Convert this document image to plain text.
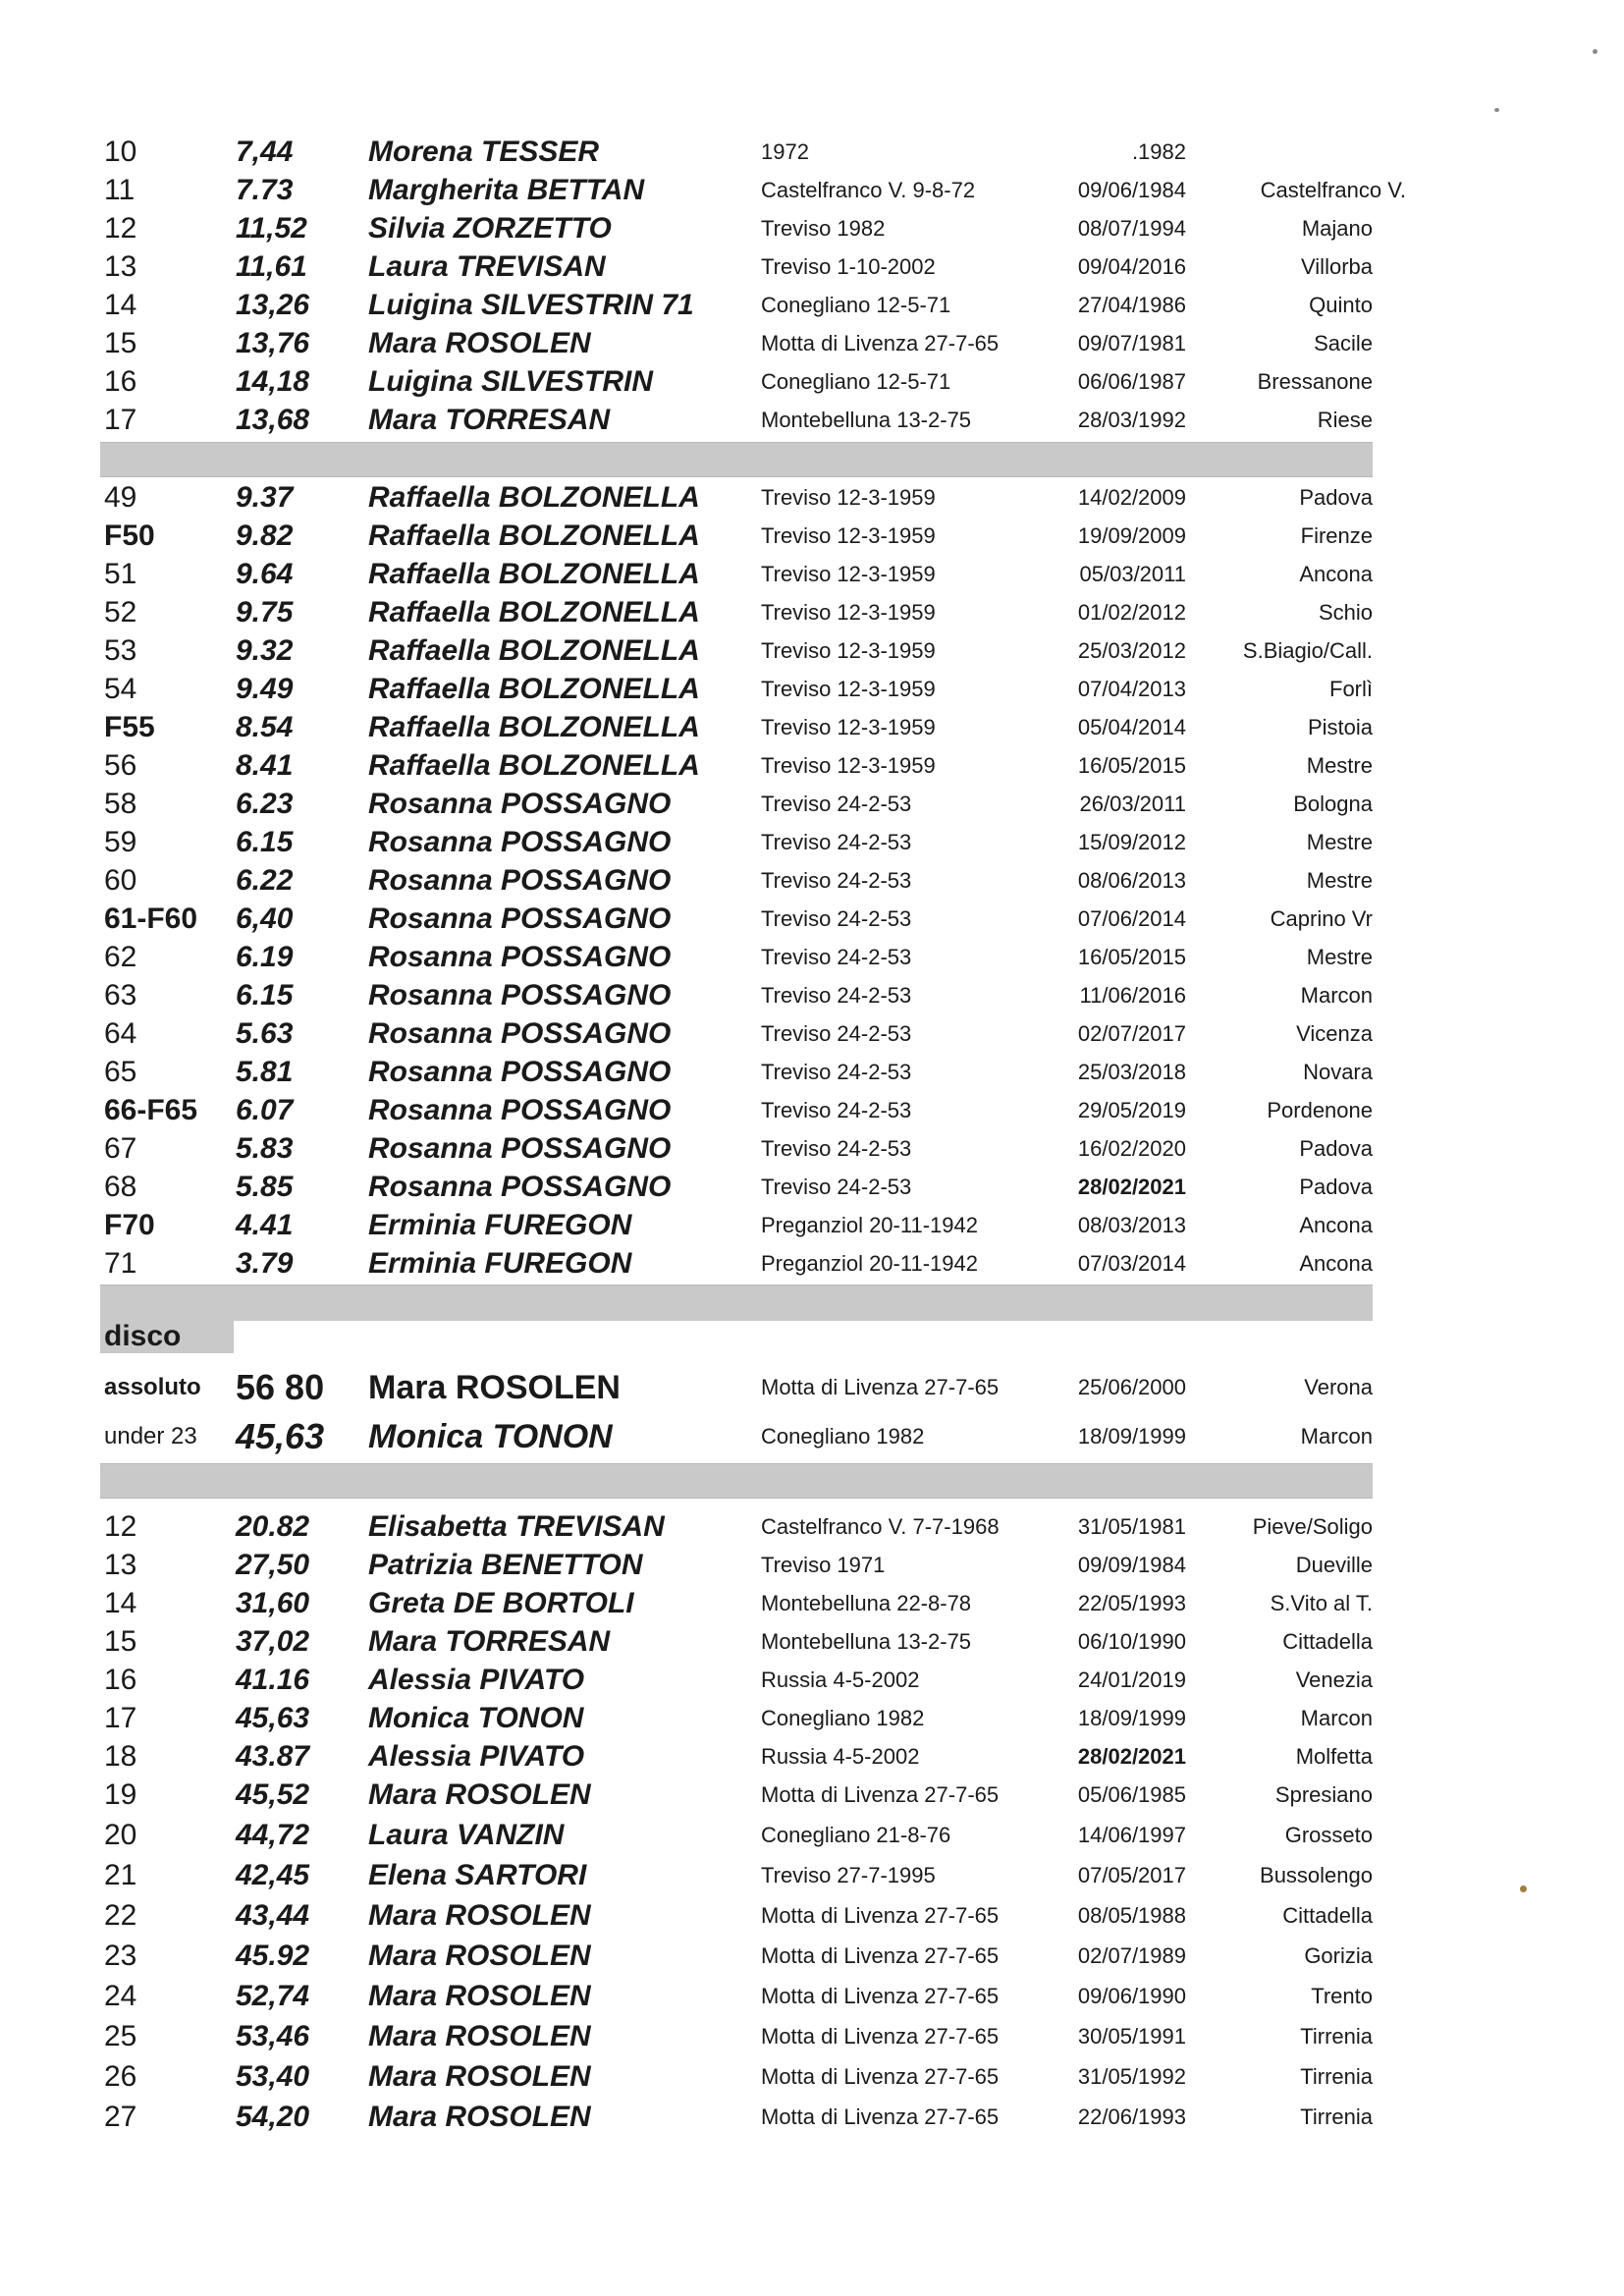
10	7,44	Morena TESSER	1972	.1982
11	7.73	Margherita BETTAN	Castelfranco V. 9-8-72	09/06/1984	Castelfranco V.
12	11,52 Silvia ZORZETTO	Treviso 1982	08/07/1994	Majano
13	11,61 Laura TREVISAN	Treviso 1-10-2002	09/04/2016	Villorba
14	13,26 Luigina SILVESTRIN 71	Conegliano 12-5-71	27/04/1986	Quinto
15	13,76 Mara ROSOLEN	Motta di Livenza 27-7-65	09/07/1981	Sacile
16	14,18 Luigina SILVESTRIN	Conegliano 12-5-71	06/06/1987	Bressanone
17	13,68 Mara TORRESAN	Montebelluna 13-2-75	28/03/1992	Riese
49	9.37	Raffaella BOLZONELLA	Treviso 12-3-1959	14/02/2009	Padova
F50	9.82	Raffaella BOLZONELLA	Treviso 12-3-1959	19/09/2009	Firenze
51	9.64	Raffaella BOLZONELLA	Treviso 12-3-1959	05/03/2011	Ancona
52	9.75	Raffaella BOLZONELLA	Treviso 12-3-1959	01/02/2012	Schio
53	9.32	Raffaella BOLZONELLA	Treviso 12-3-1959	25/03/2012	S.Biagio/Call.
54	9.49	Raffaella BOLZONELLA	Treviso 12-3-1959	07/04/2013	Forlì
F55	8.54	Raffaella BOLZONELLA	Treviso 12-3-1959	05/04/2014	Pistoia
56	8.41	Raffaella BOLZONELLA	Treviso 12-3-1959	16/05/2015	Mestre
58	6.23	Rosanna POSSAGNO	Treviso 24-2-53	26/03/2011	Bologna
59	6.15	Rosanna POSSAGNO	Treviso 24-2-53	15/09/2012	Mestre
60	6.22	Rosanna POSSAGNO	Treviso 24-2-53	08/06/2013	Mestre
61-F60 6,40	Rosanna POSSAGNO	Treviso 24-2-53	07/06/2014	Caprino Vr
62	6.19	Rosanna POSSAGNO	Treviso 24-2-53	16/05/2015	Mestre
63	6.15	Rosanna POSSAGNO	Treviso 24-2-53	11/06/2016	Marcon
64	5.63	Rosanna POSSAGNO	Treviso 24-2-53	02/07/2017	Vicenza
65	5.81	Rosanna POSSAGNO	Treviso 24-2-53	25/03/2018	Novara
66-F65 6.07	Rosanna POSSAGNO	Treviso 24-2-53	29/05/2019	Pordenone
67	5.83	Rosanna POSSAGNO	Treviso 24-2-53	16/02/2020	Padova
68	5.85	Rosanna POSSAGNO	Treviso 24-2-53	28/02/2021	Padova
F70	4.41	Erminia FUREGON	Preganziol 20-11-1942	08/03/2013	Ancona
71	3.79	Erminia FUREGON	Preganziol 20-11-1942	07/03/2014	Ancona
disco
assoluto 56 80 Mara ROSOLEN	Motta di Livenza 27-7-65	25/06/2000	Verona
under 23 45,63 Monica TONON	Conegliano 1982	18/09/1999	Marcon
12	20.82 Elisabetta TREVISAN	Castelfranco V. 7-7-1968	31/05/1981	Pieve/Soligo
13	27,50 Patrizia BENETTON	Treviso 1971	09/09/1984	Dueville
14	31,60 Greta DE BORTOLI	Montebelluna 22-8-78	22/05/1993	S.Vito al T.
15	37,02 Mara TORRESAN	Montebelluna 13-2-75	06/10/1990	Cittadella
16	41.16 Alessia PIVATO	Russia 4-5-2002	24/01/2019	Venezia
17	45,63 Monica TONON	Conegliano 1982	18/09/1999	Marcon
18	43.87 Alessia PIVATO	Russia 4-5-2002	28/02/2021	Molfetta
19	45,52 Mara ROSOLEN	Motta di Livenza 27-7-65	05/06/1985	Spresiano
20	44,72 Laura VANZIN	Conegliano 21-8-76	14/06/1997	Grosseto
21	42,45 Elena SARTORI	Treviso 27-7-1995	07/05/2017	Bussolengo
22	43,44 Mara ROSOLEN	Motta di Livenza 27-7-65	08/05/1988	Cittadella
23	45.92 Mara ROSOLEN	Motta di Livenza 27-7-65	02/07/1989	Gorizia
24	52,74 Mara ROSOLEN	Motta di Livenza 27-7-65	09/06/1990	Trento
25	53,46 Mara ROSOLEN	Motta di Livenza 27-7-65	30/05/1991	Tirrenia
26	53,40 Mara ROSOLEN	Motta di Livenza 27-7-65	31/05/1992	Tirrenia
27	54,20 Mara ROSOLEN	Motta di Livenza 27-7-65	22/06/1993	Tirrenia
